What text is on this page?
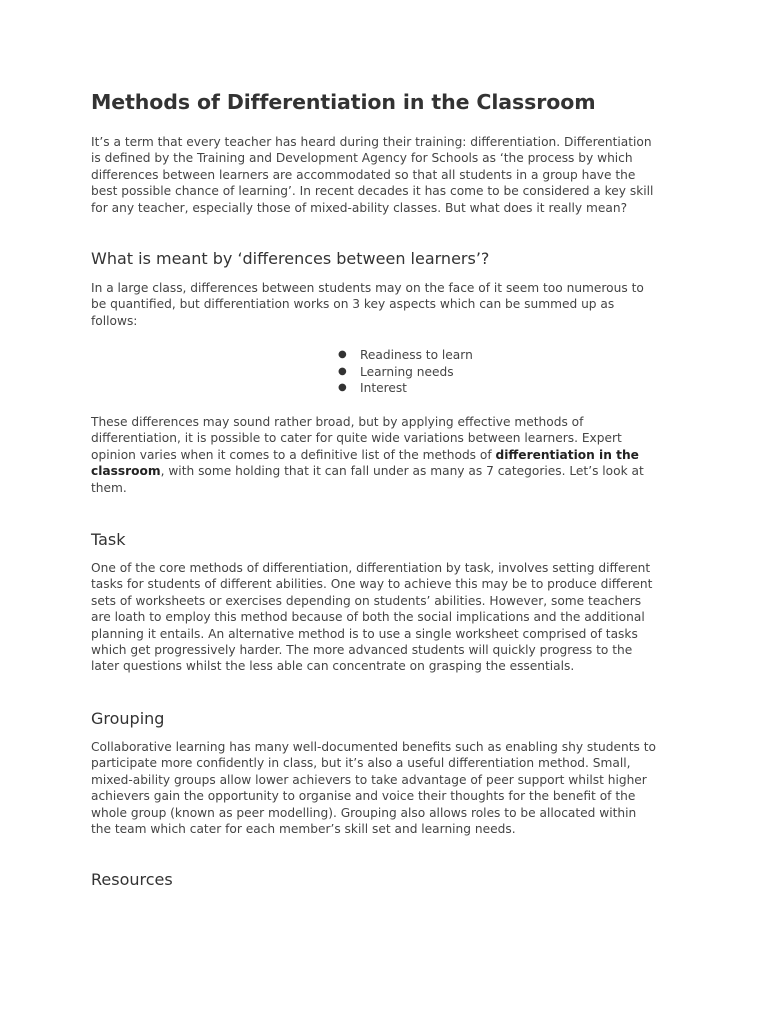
Methods of Differentiation in the Classroom

It’s a term that every teacher has heard during their training: differentiation. Differentiation
is defined by the Training and Development Agency for Schools as ‘the process by which
differences between learners are accommodated so that all students in a group have the
best possible chance of learning’. In recent decades it has come to be considered a key skill
for any teacher, especially those of mixed-ability classes. But what does it really mean?

What is meant by ‘differences between learners’?

In a large class, differences between students may on the face of it seem too numerous to
be quantified, but differentiation works on 3 key aspects which can be summed up as
follows:

● Readiness to learn
● Learning needs
● Interest

These differences may sound rather broad, but by applying effective methods of
differentiation, it is possible to cater for quite wide variations between learners. Expert
opinion varies when it comes to a definitive list of the methods of differentiation in the
classroom, with some holding that it can fall under as many as 7 categories. Let’s look at
them.

Task

One of the core methods of differentiation, differentiation by task, involves setting different
tasks for students of different abilities. One way to achieve this may be to produce different
sets of worksheets or exercises depending on students’ abilities. However, some teachers
are loath to employ this method because of both the social implications and the additional
planning it entails. An alternative method is to use a single worksheet comprised of tasks
which get progressively harder. The more advanced students will quickly progress to the
later questions whilst the less able can concentrate on grasping the essentials.

Grouping

Collaborative learning has many well-documented benefits such as enabling shy students to
participate more confidently in class, but it’s also a useful differentiation method. Small,
mixed-ability groups allow lower achievers to take advantage of peer support whilst higher
achievers gain the opportunity to organise and voice their thoughts for the benefit of the
whole group (known as peer modelling). Grouping also allows roles to be allocated within
the team which cater for each member’s skill set and learning needs.

Resources
